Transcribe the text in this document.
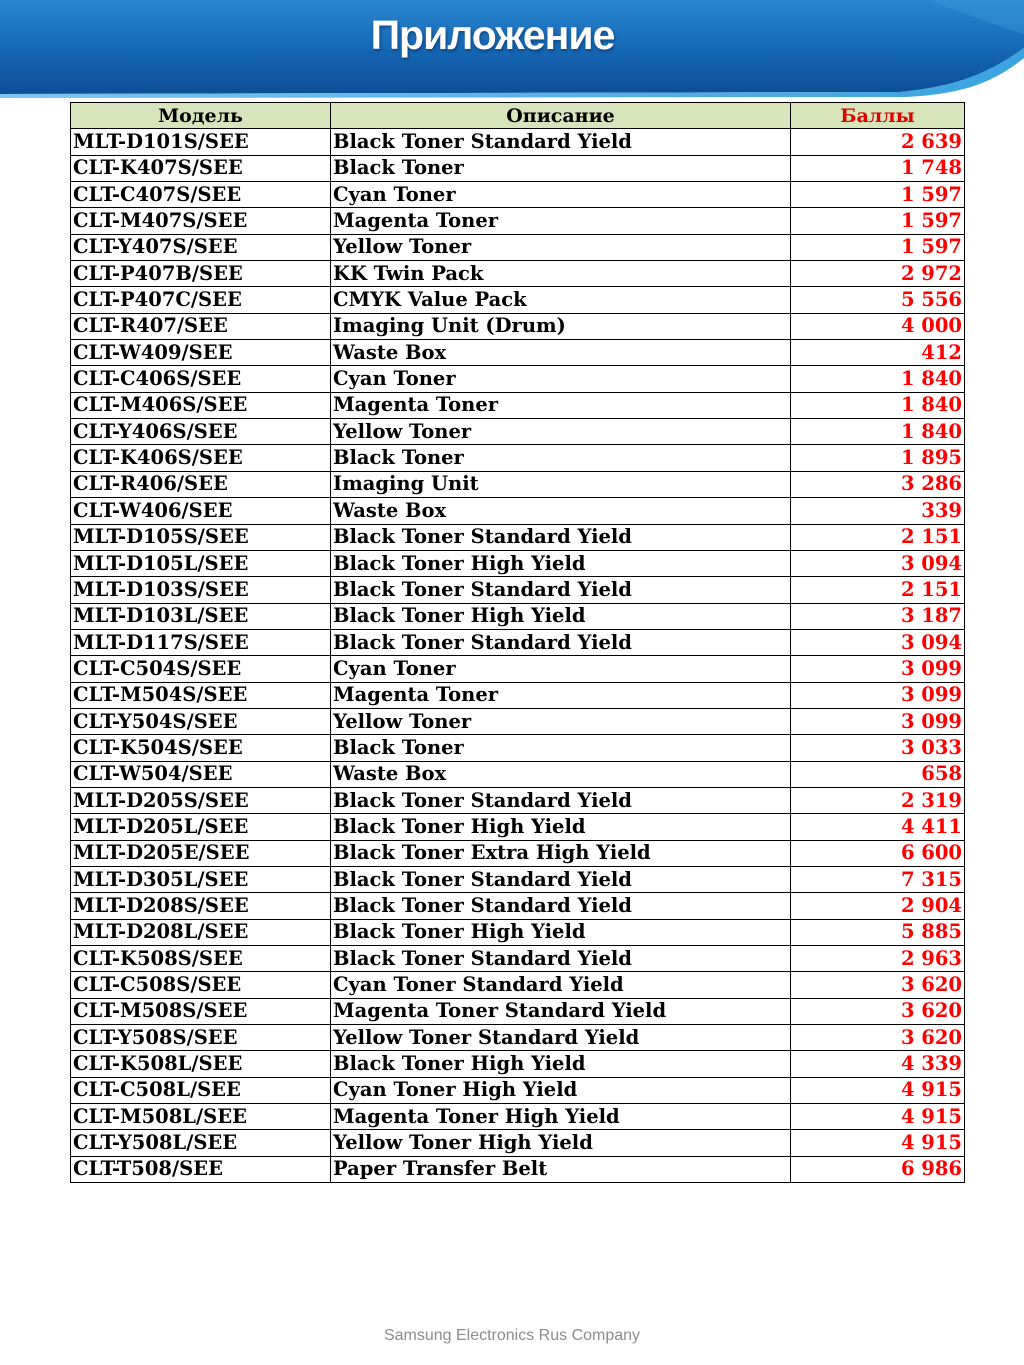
Приложение
Модель	Описание	Баллы
MLT-D101S/SEE	Black Toner Standard Yield	2 639
CLT-K407S/SEE	Black Toner	1 748
CLT-C407S/SEE	Cyan Toner	1 597
CLT-M407S/SEE	Magenta Toner	1 597
CLT-Y407S/SEE	Yellow Toner	1 597
CLT-P407B/SEE	KK Twin Pack	2 972
CLT-P407C/SEE	CMYK Value Pack	5 556
CLT-R407/SEE	Imaging Unit (Drum)	4 000
CLT-W409/SEE	Waste Box	412
CLT-C406S/SEE	Cyan Toner	1 840
CLT-M406S/SEE	Magenta Toner	1 840
CLT-Y406S/SEE	Yellow Toner	1 840
CLT-K406S/SEE	Black Toner	1 895
CLT-R406/SEE	Imaging Unit	3 286
CLT-W406/SEE	Waste Box	339
MLT-D105S/SEE	Black Toner Standard Yield	2 151
MLT-D105L/SEE	Black Toner High Yield	3 094
MLT-D103S/SEE	Black Toner Standard Yield	2 151
MLT-D103L/SEE	Black Toner High Yield	3 187
MLT-D117S/SEE	Black Toner Standard Yield	3 094
CLT-C504S/SEE	Cyan Toner	3 099
CLT-M504S/SEE	Magenta Toner	3 099
CLT-Y504S/SEE	Yellow Toner	3 099
CLT-K504S/SEE	Black Toner	3 033
CLT-W504/SEE	Waste Box	658
MLT-D205S/SEE	Black Toner Standard Yield	2 319
MLT-D205L/SEE	Black Toner High Yield	4 411
MLT-D205E/SEE	Black Toner Extra High Yield	6 600
MLT-D305L/SEE	Black Toner Standard Yield	7 315
MLT-D208S/SEE	Black Toner Standard Yield	2 904
MLT-D208L/SEE	Black Toner High Yield	5 885
CLT-K508S/SEE	Black Toner Standard Yield	2 963
CLT-C508S/SEE	Cyan Toner Standard Yield	3 620
CLT-M508S/SEE	Magenta Toner Standard Yield	3 620
CLT-Y508S/SEE	Yellow Toner Standard Yield	3 620
CLT-K508L/SEE	Black Toner High Yield	4 339
CLT-C508L/SEE	Cyan Toner High Yield	4 915
CLT-M508L/SEE	Magenta Toner High Yield	4 915
CLT-Y508L/SEE	Yellow Toner High Yield	4 915
CLT-T508/SEE	Paper Transfer Belt	6 986
Samsung Electronics Rus Company
